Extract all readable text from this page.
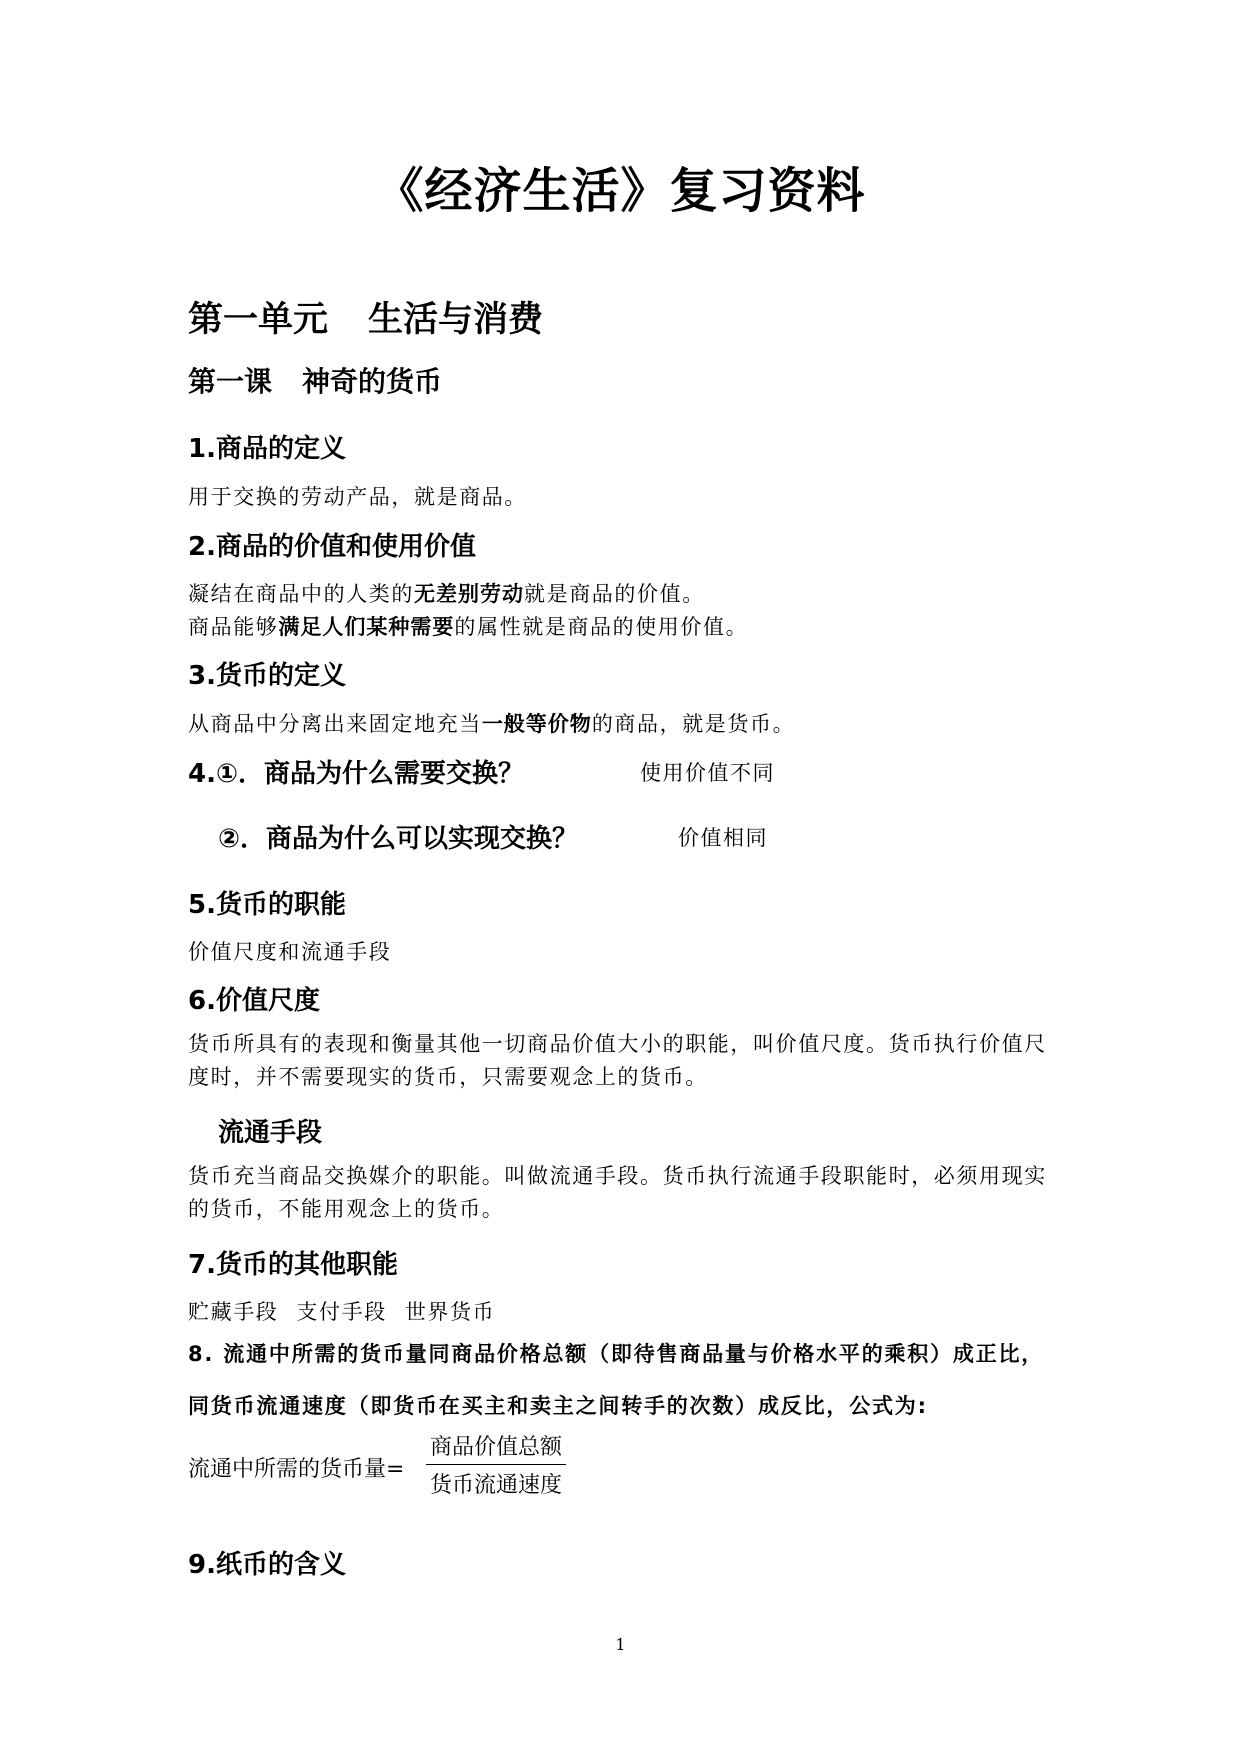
《经济生活》复习资料
第一单元 生活与消费
第一课 神奇的货币
1.商品的定义
用于交换的劳动产品，就是商品。
2.商品的价值和使用价值
凝结在商品中的人类的无差别劳动就是商品的价值。
商品能够满足人们某种需要的属性就是商品的使用价值。
3.货币的定义
从商品中分离出来固定地充当一般等价物的商品，就是货币。
4.①．商品为什么需要交换？	使用价值不同
②．商品为什么可以实现交换？	价值相同
5.货币的职能
价值尺度和流通手段
6.价值尺度
货币所具有的表现和衡量其他一切商品价值大小的职能，叫价值尺度。货币执行价值尺度时，并不需要现实的货币，只需要观念上的货币。
流通手段
货币充当商品交换媒介的职能。叫做流通手段。货币执行流通手段职能时，必须用现实的货币，不能用观念上的货币。
7.货币的其他职能
贮藏手段 支付手段 世界货币
8. 流通中所需的货币量同商品价格总额（即待售商品量与价格水平的乘积）成正比，同货币流通速度（即货币在买主和卖主之间转手的次数）成反比，公式为:
流通中所需的货币量=
商品价值总额
货币流通速度
9.纸币的含义
1
